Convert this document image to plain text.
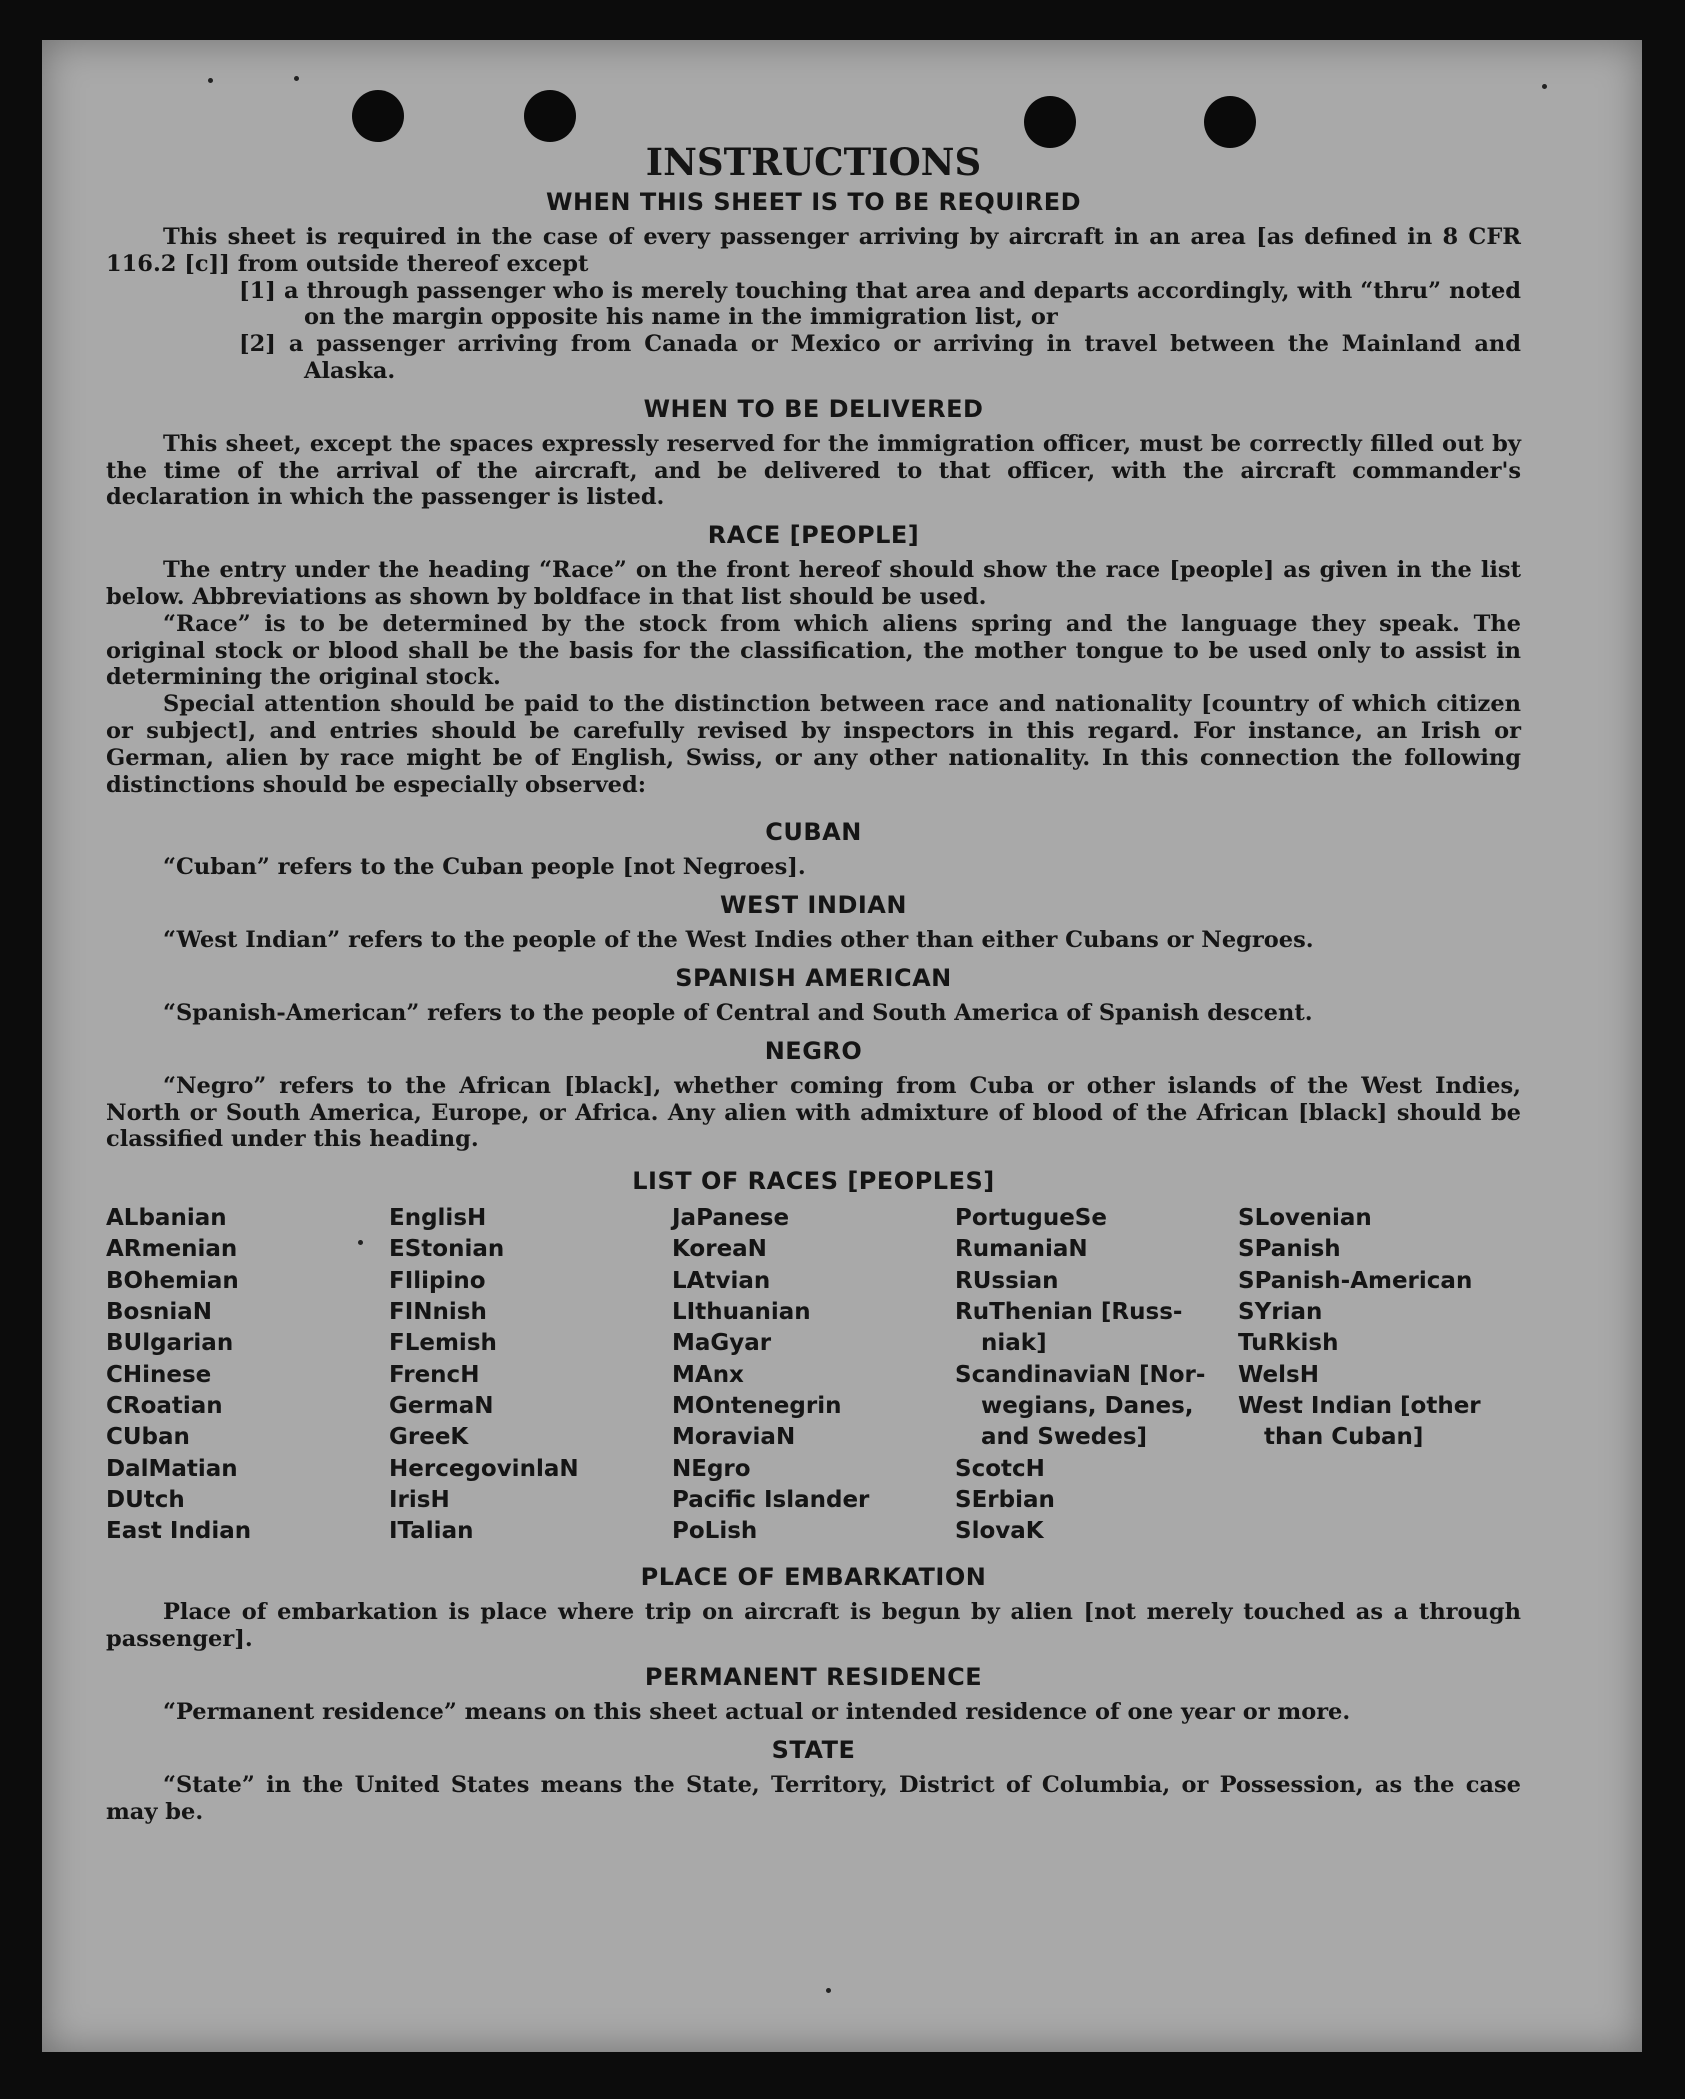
INSTRUCTIONS
WHEN THIS SHEET IS TO BE REQUIRED

This sheet is required in the case of every passenger arriving by aircraft in an area [as defined in 8 CFR 116.2 [c]] from outside thereof except

[1] a through passenger who is merely touching that area and departs accordingly, with “thru” noted on the margin opposite his name in the immigration list, or

[2] a passenger arriving from Canada or Mexico or arriving in travel between the Mainland and Alaska.

WHEN TO BE DELIVERED

This sheet, except the spaces expressly reserved for the immigration officer, must be correctly filled out by the time of the arrival of the aircraft, and be delivered to that officer, with the aircraft commander's declaration in which the passenger is listed.

RACE [PEOPLE]

The entry under the heading “Race” on the front hereof should show the race [people] as given in the list below. Abbreviations as shown by boldface in that list should be used.

“Race” is to be determined by the stock from which aliens spring and the language they speak. The original stock or blood shall be the basis for the classification, the mother tongue to be used only to assist in determining the original stock.

Special attention should be paid to the distinction between race and nationality [country of which citizen or subject], and entries should be carefully revised by inspectors in this regard. For instance, an Irish or German, alien by race might be of English, Swiss, or any other nationality. In this connection the following distinctions should be especially observed:

CUBAN

“Cuban” refers to the Cuban people [not Negroes].

WEST INDIAN

“West Indian” refers to the people of the West Indies other than either Cubans or Negroes.

SPANISH AMERICAN

“Spanish-American” refers to the people of Central and South America of Spanish descent.

NEGRO

“Negro” refers to the African [black], whether coming from Cuba or other islands of the West Indies, North or South America, Europe, or Africa. Any alien with admixture of blood of the African [black] should be classified under this heading.

LIST OF RACES [PEOPLES]
ALbanian
ARmenian
BOhemian
BosniaN
BUlgarian
CHinese
CRoatian
CUban
DalMatian
DUtch
East Indian
EnglisH
EStonian
FIlipino
FINnish
FLemish
FrencH
GermaN
GreeK
HercegovinlaN
IrisH
ITalian
JaPanese
KoreaN
LAtvian
LIthuanian
MaGyar
MAnx
MOntenegrin
MoraviaN
NEgro
Pacific Islander
PoLish
PortugueSe
RumaniaN
RUssian
RuThenian [Russ-
niak]
ScandinaviaN [Nor-
wegians, Danes,
and Swedes]
ScotcH
SErbian
SlovaK
SLovenian
SPanish
SPanish-American
SYrian
TuRkish
WelsH
West Indian [other
than Cuban]
PLACE OF EMBARKATION

Place of embarkation is place where trip on aircraft is begun by alien [not merely touched as a through passenger].

PERMANENT RESIDENCE

“Permanent residence” means on this sheet actual or intended residence of one year or more.

STATE

“State” in the United States means the State, Territory, District of Columbia, or Possession, as the case may be.
